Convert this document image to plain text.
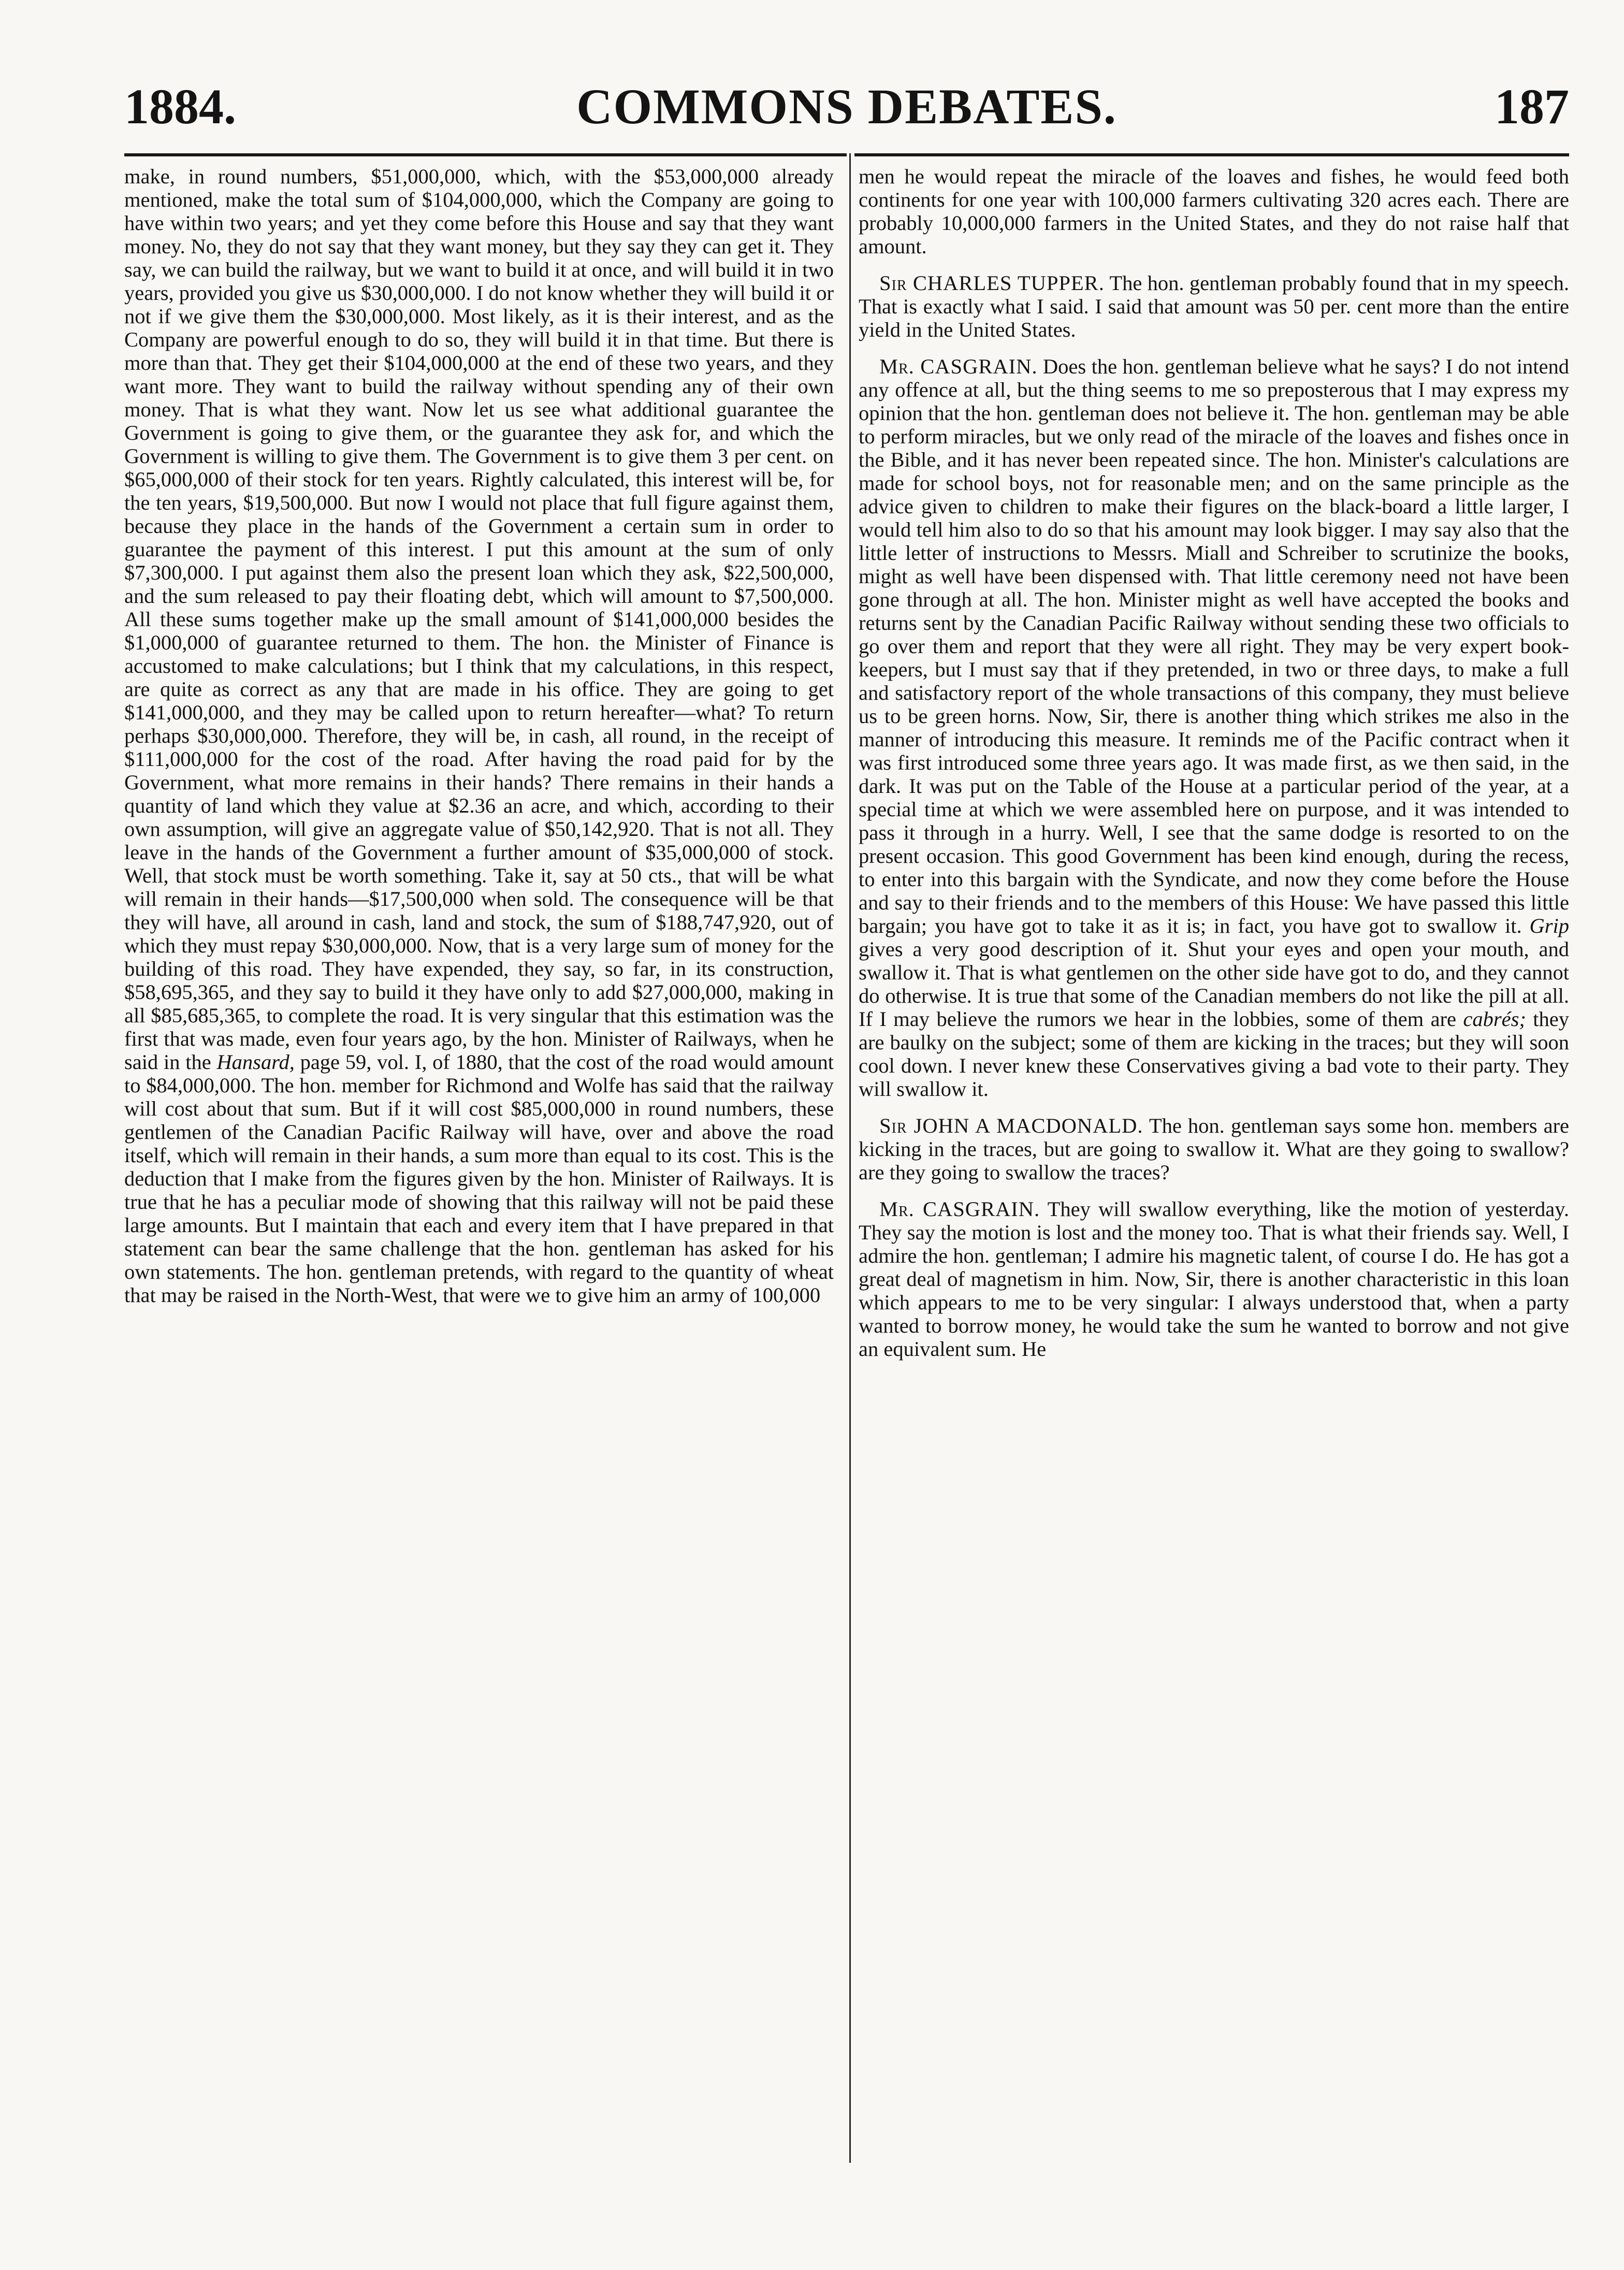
1884.	COMMONS DEBATES.	187

make, in round numbers, $51,000,000, which, with the $53,000,000 already mentioned, make the total sum of $104,000,000, which the Company are going to have within two years; and yet they come before this House and say that they want money. No, they do not say that they want money, but they say they can get it. They say, we can build the railway, but we want to build it at once, and will build it in two years, provided you give us $30,000,000. I do not know whether they will build it or not if we give them the $30,000,000. Most likely, as it is their interest, and as the Company are powerful enough to do so, they will build it in that time. But there is more than that. They get their $104,000,000 at the end of these two years, and they want more. They want to build the railway without spending any of their own money. That is what they want. Now let us see what additional guarantee the Government is going to give them, or the guarantee they ask for, and which the Government is willing to give them. The Government is to give them 3 per cent. on $65,000,000 of their stock for ten years. Rightly calculated, this interest will be, for the ten years, $19,500,000. But now I would not place that full figure against them, because they place in the hands of the Government a certain sum in order to guarantee the payment of this interest. I put this amount at the sum of only $7,300,000. I put against them also the present loan which they ask, $22,500,000, and the sum released to pay their floating debt, which will amount to $7,500,000. All these sums together make up the small amount of $141,000,000 besides the $1,000,000 of guarantee returned to them. The hon. the Minister of Finance is accustomed to make calculations; but I think that my calculations, in this respect, are quite as correct as any that are made in his office. They are going to get $141,000,000, and they may be called upon to return hereafter—what? To return perhaps $30,000,000. Therefore, they will be, in cash, all round, in the receipt of $111,000,000 for the cost of the road. After having the road paid for by the Government, what more remains in their hands? There remains in their hands a quantity of land which they value at $2.36 an acre, and which, according to their own assumption, will give an aggregate value of $50,142,920. That is not all. They leave in the hands of the Government a further amount of $35,000,000 of stock. Well, that stock must be worth something. Take it, say at 50 cts., that will be what will remain in their hands—$17,500,000 when sold. The consequence will be that they will have, all around in cash, land and stock, the sum of $188,747,920, out of which they must repay $30,000,000. Now, that is a very large sum of money for the building of this road. They have expended, they say, so far, in its construction, $58,695,365, and they say to build it they have only to add $27,000,000, making in all $85,685,365, to complete the road. It is very singular that this estimation was the first that was made, even four years ago, by the hon. Minister of Railways, when he said in the Hansard, page 59, vol. I, of 1880, that the cost of the road would amount to $84,000,000. The hon. member for Richmond and Wolfe has said that the railway will cost about that sum. But if it will cost $85,000,000 in round numbers, these gentlemen of the Canadian Pacific Railway will have, over and above the road itself, which will remain in their hands, a sum more than equal to its cost. This is the deduction that I make from the figures given by the hon. Minister of Railways. It is true that he has a peculiar mode of showing that this railway will not be paid these large amounts. But I maintain that each and every item that I have prepared in that statement can bear the same challenge that the hon. gentleman has asked for his own statements. The hon. gentleman pretends, with regard to the quantity of wheat that may be raised in the North-West, that were we to give him an army of 100,000

men he would repeat the miracle of the loaves and fishes, he would feed both continents for one year with 100,000 farmers cultivating 320 acres each. There are probably 10,000,000 farmers in the United States, and they do not raise half that amount.

Sir CHARLES TUPPER. The hon. gentleman probably found that in my speech. That is exactly what I said. I said that amount was 50 per. cent more than the entire yield in the United States.

Mr. CASGRAIN. Does the hon. gentleman believe what he says? I do not intend any offence at all, but the thing seems to me so preposterous that I may express my opinion that the hon. gentleman does not believe it. The hon. gentleman may be able to perform miracles, but we only read of the miracle of the loaves and fishes once in the Bible, and it has never been repeated since. The hon. Minister's calculations are made for school boys, not for reasonable men; and on the same principle as the advice given to children to make their figures on the black-board a little larger, I would tell him also to do so that his amount may look bigger. I may say also that the little letter of instructions to Messrs. Miall and Schreiber to scrutinize the books, might as well have been dispensed with. That little ceremony need not have been gone through at all. The hon. Minister might as well have accepted the books and returns sent by the Canadian Pacific Railway without sending these two officials to go over them and report that they were all right. They may be very expert book-keepers, but I must say that if they pretended, in two or three days, to make a full and satisfactory report of the whole transactions of this company, they must believe us to be green horns. Now, Sir, there is another thing which strikes me also in the manner of introducing this measure. It reminds me of the Pacific contract when it was first introduced some three years ago. It was made first, as we then said, in the dark. It was put on the Table of the House at a particular period of the year, at a special time at which we were assembled here on purpose, and it was intended to pass it through in a hurry. Well, I see that the same dodge is resorted to on the present occasion. This good Government has been kind enough, during the recess, to enter into this bargain with the Syndicate, and now they come before the House and say to their friends and to the members of this House: We have passed this little bargain; you have got to take it as it is; in fact, you have got to swallow it. Grip gives a very good description of it. Shut your eyes and open your mouth, and swallow it. That is what gentlemen on the other side have got to do, and they cannot do otherwise. It is true that some of the Canadian members do not like the pill at all. If I may believe the rumors we hear in the lobbies, some of them are cabrés; they are baulky on the subject; some of them are kicking in the traces; but they will soon cool down. I never knew these Conservatives giving a bad vote to their party. They will swallow it.

Sir JOHN A MACDONALD. The hon. gentleman says some hon. members are kicking in the traces, but are going to swallow it. What are they going to swallow? are they going to swallow the traces?

Mr. CASGRAIN. They will swallow everything, like the motion of yesterday. They say the motion is lost and the money too. That is what their friends say. Well, I admire the hon. gentleman; I admire his magnetic talent, of course I do. He has got a great deal of magnetism in him. Now, Sir, there is another characteristic in this loan which appears to me to be very singular: I always understood that, when a party wanted to borrow money, he would take the sum he wanted to borrow and not give an equivalent sum. He
